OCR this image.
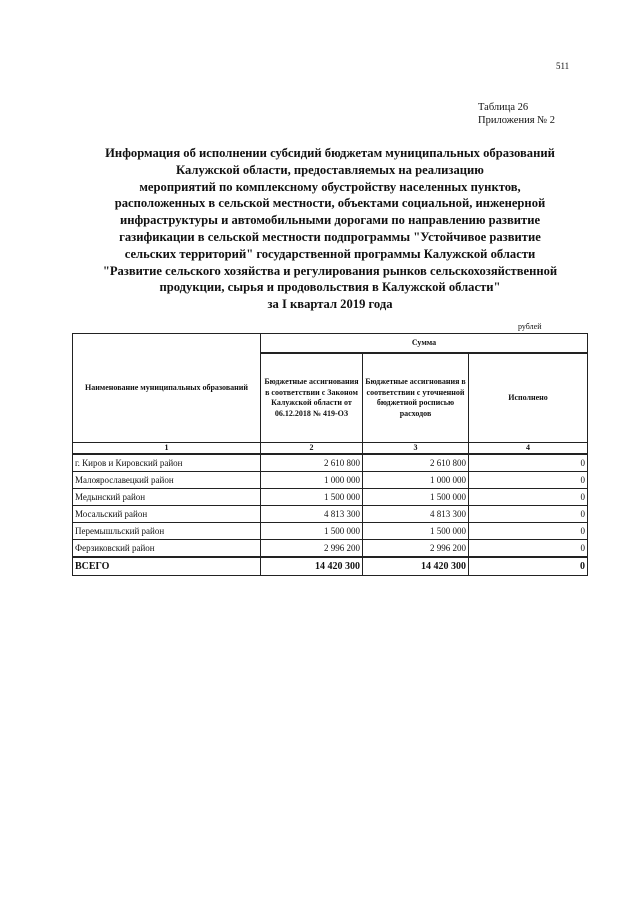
511
Таблица 26
Приложения № 2
Информация об исполнении субсидий бюджетам муниципальных образований
Калужской области, предоставляемых на реализацию
мероприятий по комплексному обустройству населенных пунктов,
расположенных в сельской местности, объектами социальной, инженерной
инфраструктуры и автомобильными дорогами по направлению развитие
газификации в сельской местности подпрограммы "Устойчивое развитие
сельских территорий" государственной программы Калужской области
"Развитие сельского хозяйства и регулирования рынков сельскохозяйственной
продукции, сырья и продовольствия в Калужской области"
за I квартал 2019 года
рублей
Наименование муниципальных образований	Сумма		
	Бюджетные ассигнования в соответствии с Законом Калужской области от 06.12.2018 № 419-ОЗ	Бюджетные ассигнования в соответствии с уточненной бюджетной росписью расходов	Исполнено
1	2	3	4
г. Киров и Кировский район	2 610 800	2 610 800	0
Малоярославецкий район	1 000 000	1 000 000	0
Медынский район	1 500 000	1 500 000	0
Мосальский район	4 813 300	4 813 300	0
Перемышльский район	1 500 000	1 500 000	0
Ферзиковский район	2 996 200	2 996 200	0
ВСЕГО	14 420 300	14 420 300	0
